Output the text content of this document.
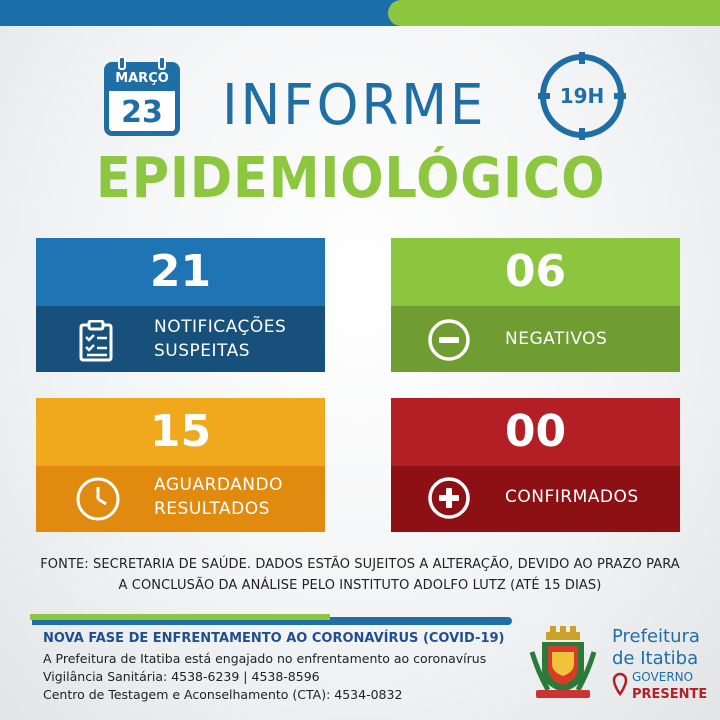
MARÇO
23	19H
INFORME
EPIDEMIOLÓGICO
21
NOTIFICAÇÕES
SUSPEITAS
06
NEGATIVOS
15
AGUARDANDO
RESULTADOS
00
CONFIRMADOS
FONTE: SECRETARIA DE SAÚDE. DADOS ESTÃO SUJEITOS A ALTERAÇÃO, DEVIDO AO PRAZO PARA
A CONCLUSÃO DA ANÁLISE PELO INSTITUTO ADOLFO LUTZ (ATÉ 15 DIAS)
NOVA FASE DE ENFRENTAMENTO AO CORONAVÍRUS (COVID-19)
A Prefeitura de Itatiba está engajado no enfrentamento ao coronavírus
Vigilância Sanitária: 4538-6239 | 4538-8596
Centro de Testagem e Aconselhamento (CTA): 4534-0832
Prefeitura
de Itatiba
GOVERNO
PRESENTE
